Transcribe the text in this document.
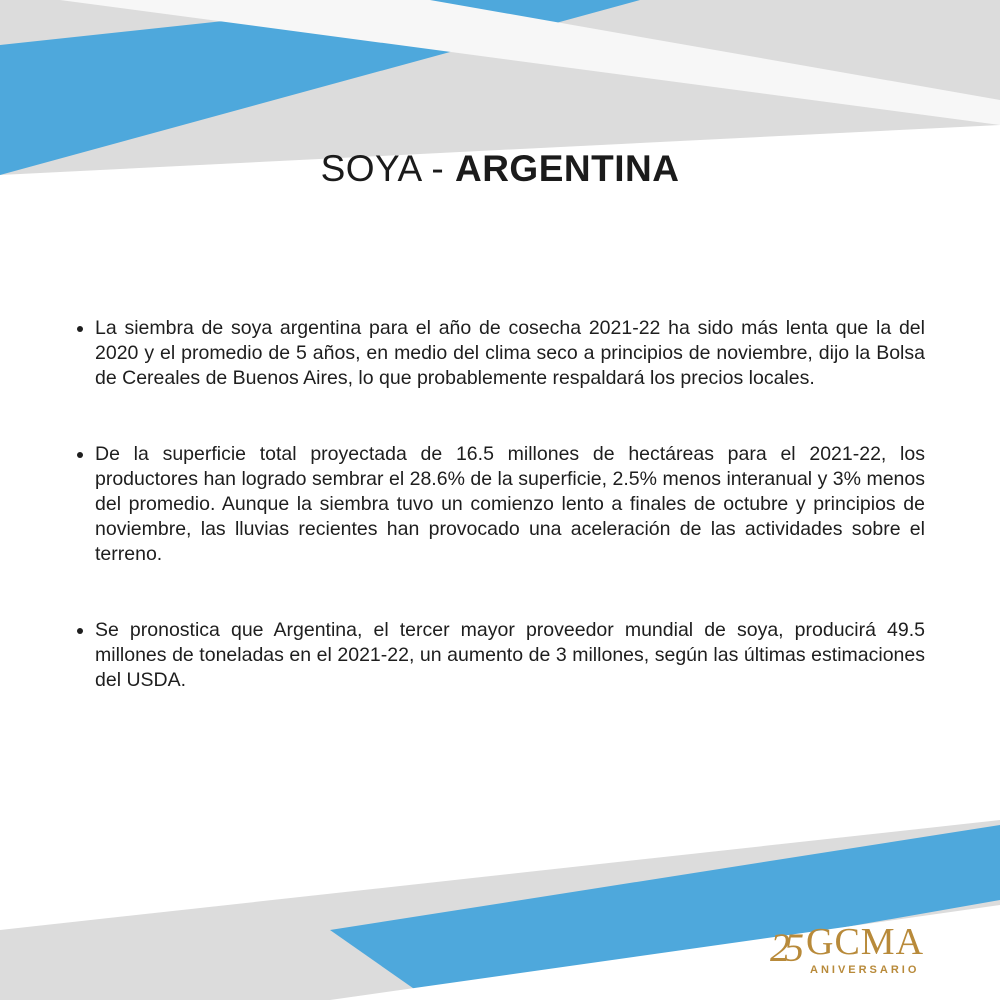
SOYA - ARGENTINA
La siembra de soya argentina para el año de cosecha 2021-22 ha sido más lenta que la del 2020 y el promedio de 5 años, en medio del clima seco a principios de noviembre, dijo la Bolsa de Cereales de Buenos Aires, lo que probablemente respaldará los precios locales.
De la superficie total proyectada de 16.5 millones de hectáreas para el 2021-22, los productores han logrado sembrar el 28.6% de la superficie, 2.5% menos interanual y 3% menos del promedio. Aunque la siembra tuvo un comienzo lento a finales de octubre y principios de noviembre, las lluvias recientes han provocado una aceleración de las actividades sobre el terreno.
Se pronostica que Argentina, el tercer mayor proveedor mundial de soya, producirá 49.5 millones de toneladas en el 2021-22, un aumento de 3 millones, según las últimas estimaciones del USDA.
25 GCMA
ANIVERSARIO
